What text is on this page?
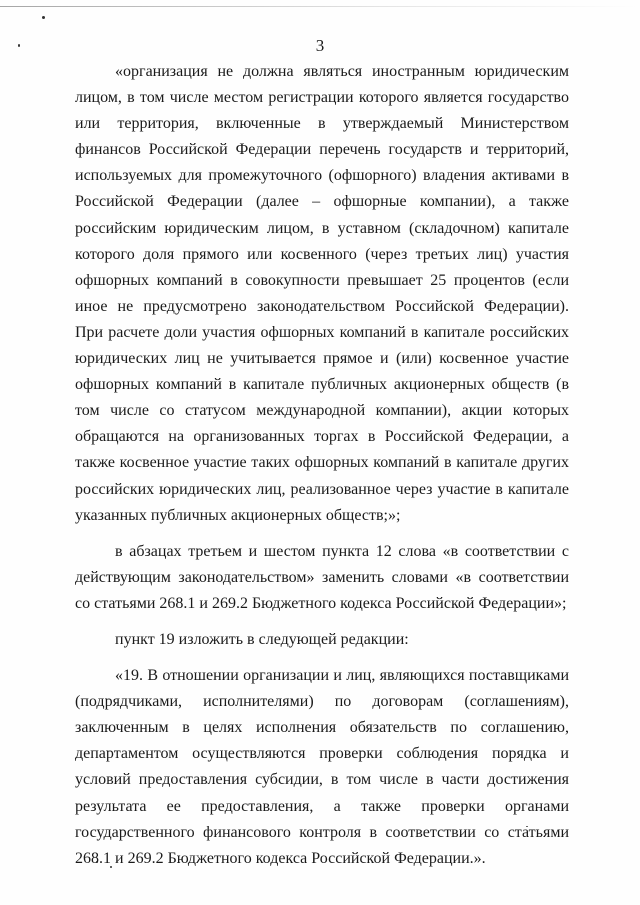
3

«организация не должна являться иностранным юридическим лицом, в том числе местом регистрации которого является государство или территория, включенные в утверждаемый Министерством финансов Российской Федерации перечень государств и территорий, используемых для промежуточного (офшорного) владения активами в Российской Федерации (далее – офшорные компании), а также российским юридическим лицом, в уставном (складочном) капитале которого доля прямого или косвенного (через третьих лиц) участия офшорных компаний в совокупности превышает 25 процентов (если иное не предусмотрено законодательством Российской Федерации). При расчете доли участия офшорных компаний в капитале российских юридических лиц не учитывается прямое и (или) косвенное участие офшорных компаний в капитале публичных акционерных обществ (в том числе со статусом международной компании), акции которых обращаются на организованных торгах в Российской Федерации, а также косвенное участие таких офшорных компаний в капитале других российских юридических лиц, реализованное через участие в капитале указанных публичных акционерных обществ;»;

в абзацах третьем и шестом пункта 12 слова «в соответствии с действующим законодательством» заменить словами «в соответствии со статьями 268.1 и 269.2 Бюджетного кодекса Российской Федерации»;

пункт 19 изложить в следующей редакции:

«19. В отношении организации и лиц, являющихся поставщиками (подрядчиками, исполнителями) по договорам (соглашениям), заключенным в целях исполнения обязательств по соглашению, департаментом осуществляются проверки соблюдения порядка и условий предоставления субсидии, в том числе в части достижения результата ее предоставления, а также проверки органами государственного финансового контроля в соответствии со статьями 268.1 и 269.2 Бюджетного кодекса Российской Федерации.».
